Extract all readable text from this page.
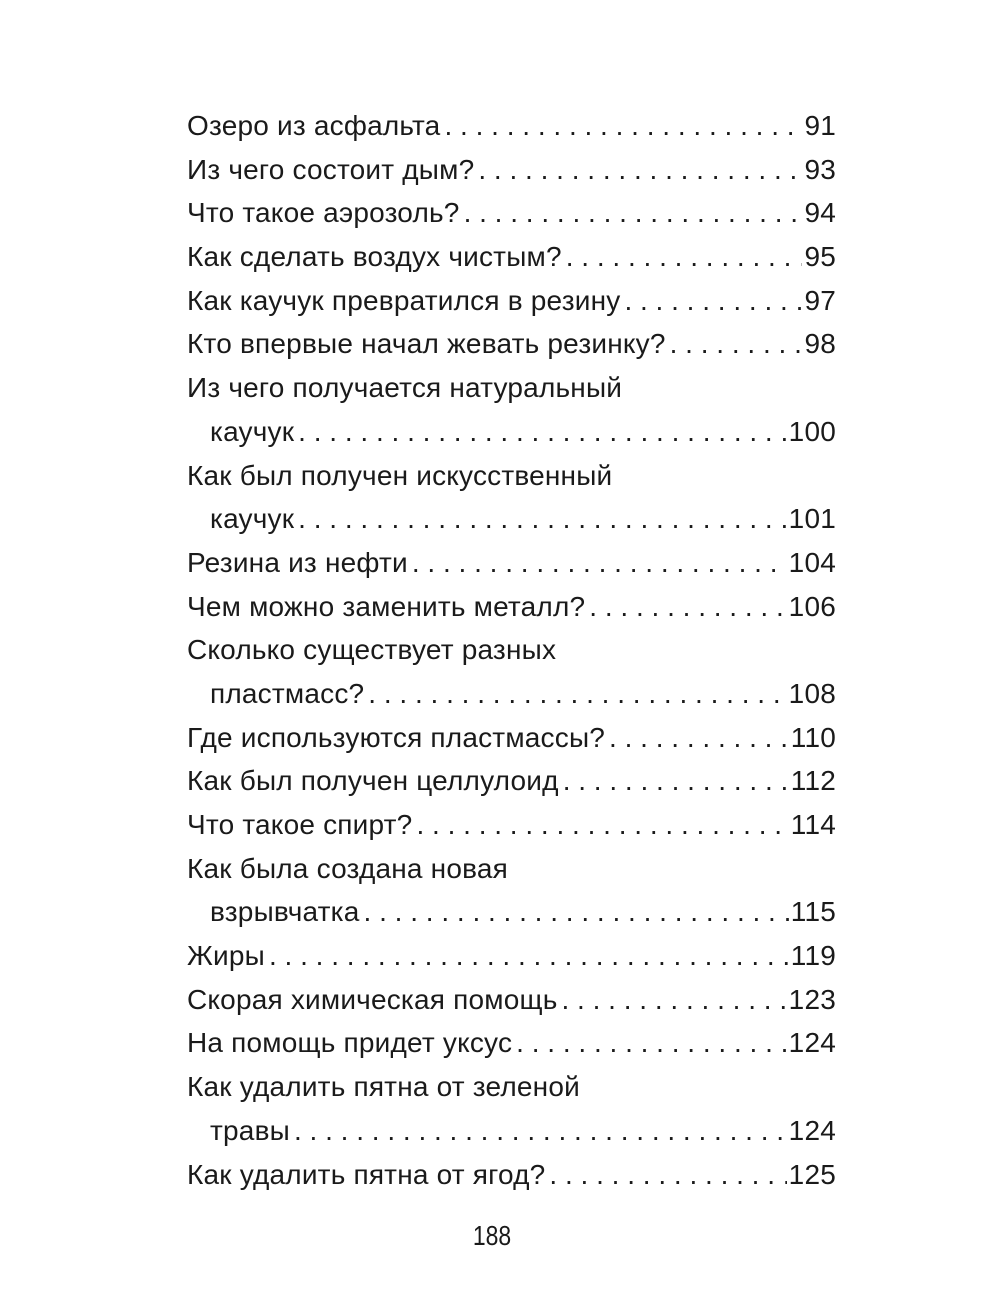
Озеро из асфальта . . .	91
Из чего состоит дым? . . .	93
Что такое аэрозоль? . . .	94
Как сделать воздух чистым? . . .	95
Как каучук превратился в резину . . .	97
Кто впервые начал жевать резинку? . . .	98
Из чего получается натуральный
каучук . . .	100
Как был получен искусственный
каучук . . .	101
Резина из нефти . . .	104
Чем можно заменить металл? . . .	106
Сколько существует разных
пластмасс? . . .	108
Где используются пластмассы? . . .	110
Как был получен целлулоид . . .	112
Что такое спирт? . . .	114
Как была создана новая
взрывчатка . . .	115
Жиры . . .	119
Скорая химическая помощь . . .	123
На помощь придет уксус . . .	124
Как удалить пятна от зеленой
травы . . .	124
Как удалить пятна от ягод? . . .	125
188
